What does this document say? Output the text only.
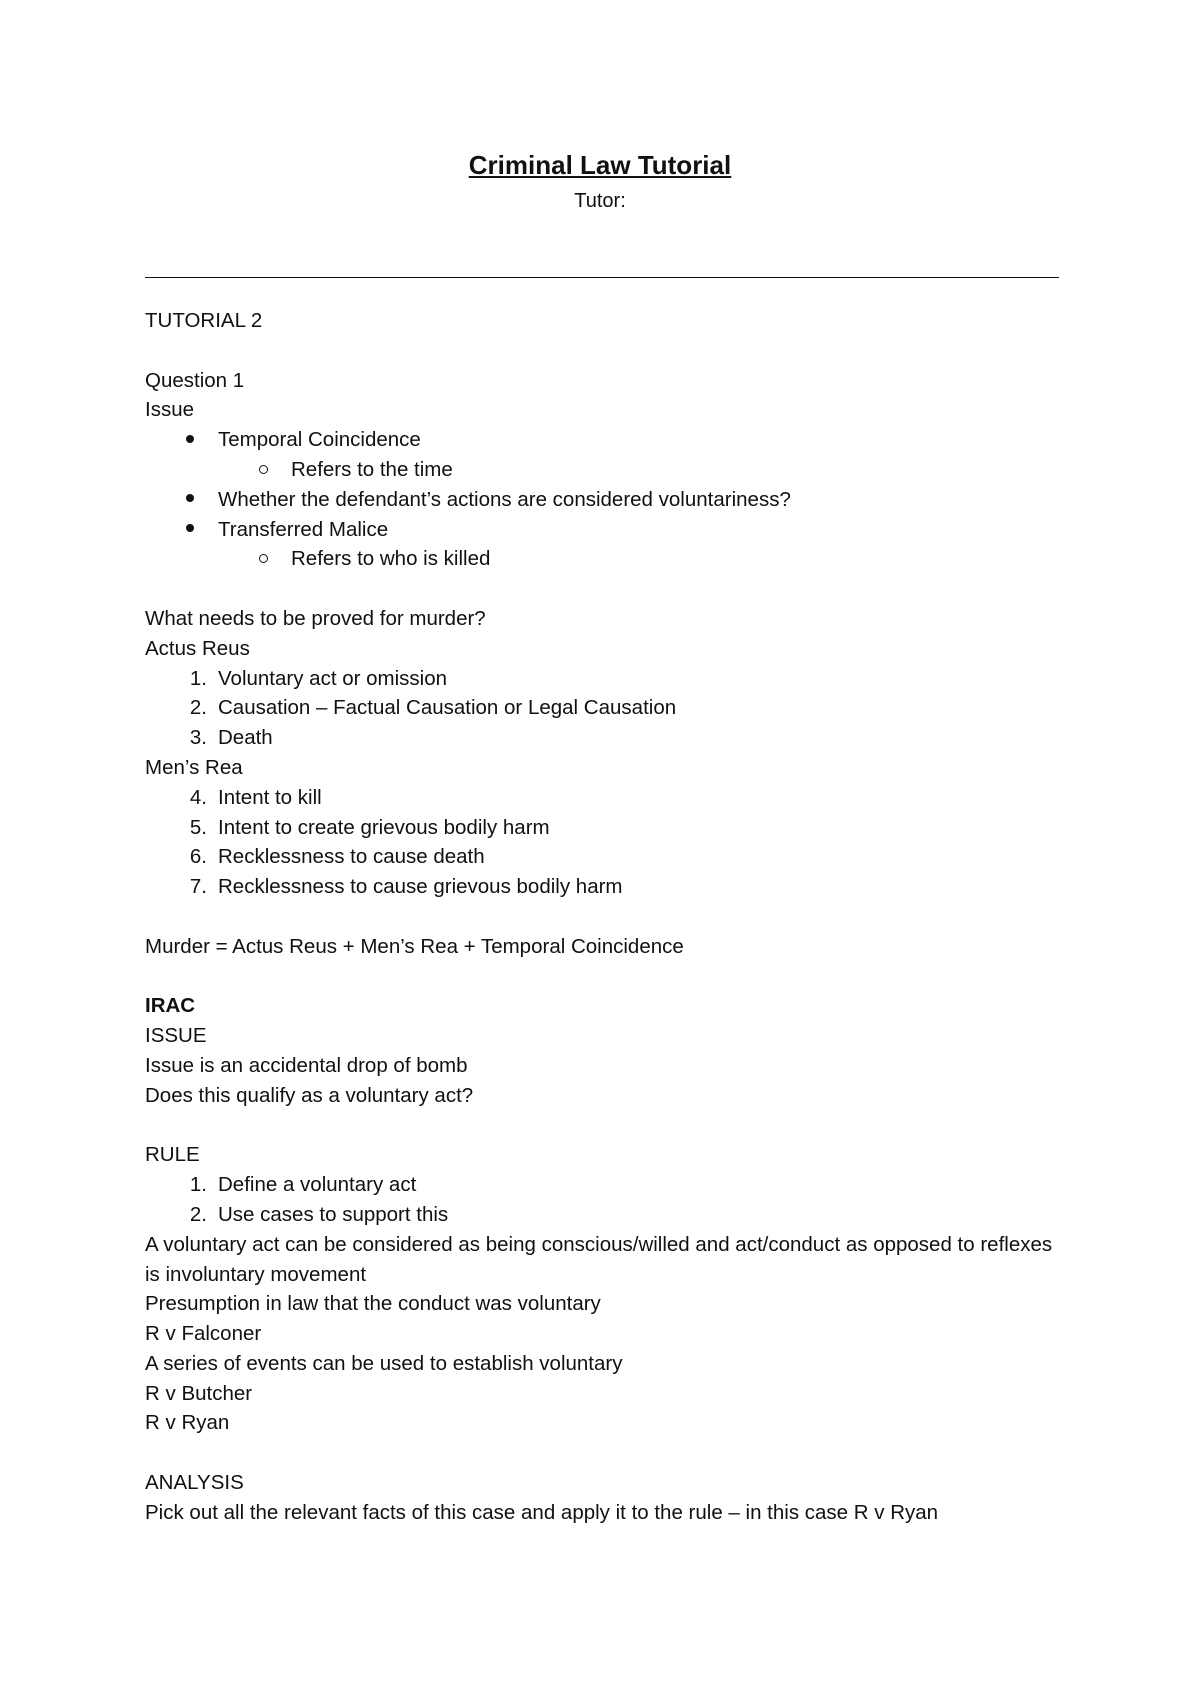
Criminal Law Tutorial
Tutor:

TUTORIAL 2

Question 1

Issue

Temporal Coincidence
Refers to the time
Whether the defendant’s actions are considered voluntariness?
Transferred Malice
Refers to who is killed

What needs to be proved for murder?

Actus Reus

1. Voluntary act or omission
2. Causation – Factual Causation or Legal Causation
3. Death

Men’s Rea

4. Intent to kill
5. Intent to create grievous bodily harm
6. Recklessness to cause death
7. Recklessness to cause grievous bodily harm

Murder = Actus Reus + Men’s Rea + Temporal Coincidence

IRAC

ISSUE

Issue is an accidental drop of bomb

Does this qualify as a voluntary act?

RULE

1. Define a voluntary act
2. Use cases to support this

A voluntary act can be considered as being conscious/willed and act/conduct as opposed to reflexes is involuntary movement

Presumption in law that the conduct was voluntary

R v Falconer

A series of events can be used to establish voluntary

R v Butcher

R v Ryan

ANALYSIS

Pick out all the relevant facts of this case and apply it to the rule – in this case R v Ryan
